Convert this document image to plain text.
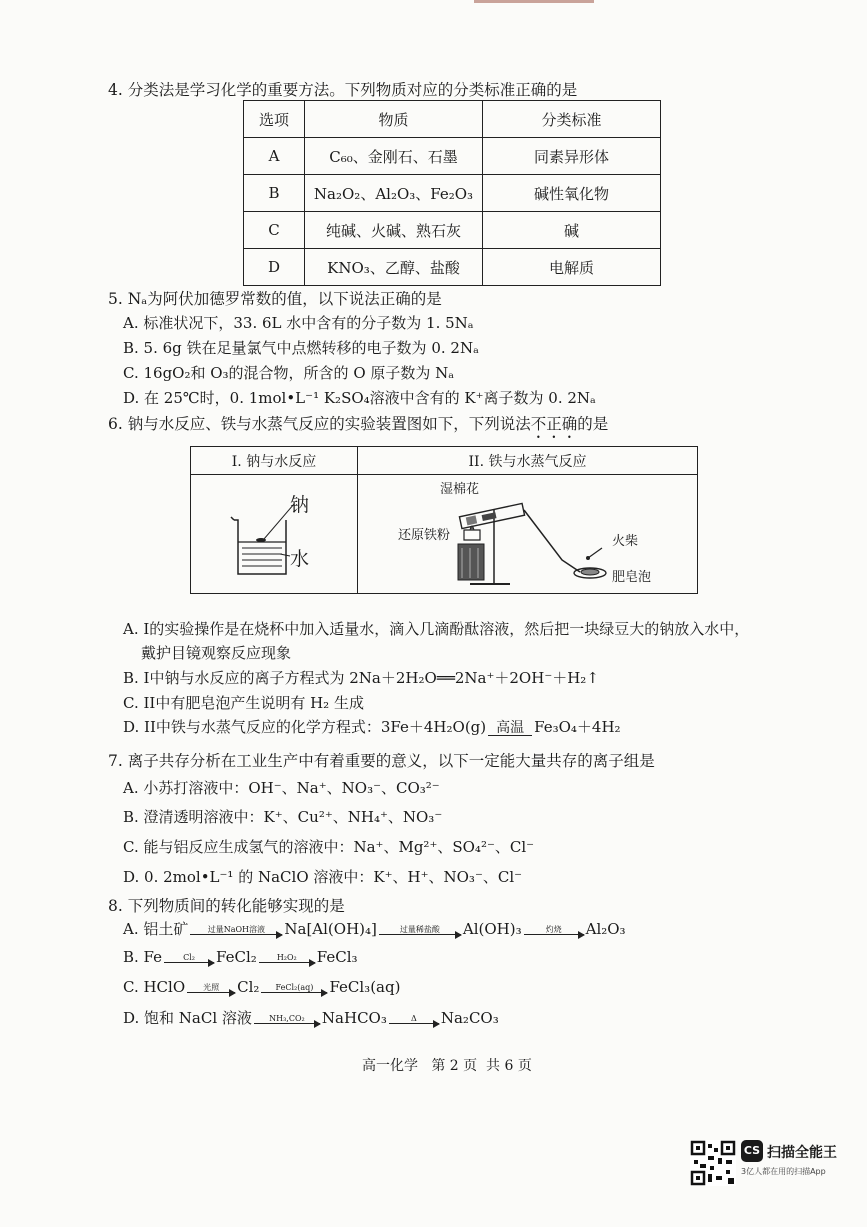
4. 分类法是学习化学的重要方法。下列物质对应的分类标准正确的是
选项	物质	分类标准
A	C₆₀、金刚石、石墨	同素异形体
B	Na₂O₂、Al₂O₃、Fe₂O₃	碱性氧化物
C	纯碱、火碱、熟石灰	碱
D	KNO₃、乙醇、盐酸	电解质
5. Nₐ为阿伏加德罗常数的值，以下说法正确的是
A. 标准状况下，33. 6L 水中含有的分子数为 1. 5Nₐ
B. 5. 6g 铁在足量氯气中点燃转移的电子数为 0. 2Nₐ
C. 16gO₂和 O₃的混合物，所含的 O 原子数为 Nₐ
D. 在 25℃时，0. 1mol•L⁻¹ K₂SO₄溶液中含有的 K⁺离子数为 0. 2Nₐ
6. 钠与水反应、铁与水蒸气反应的实验装置图如下，下列说法不正确的是
I. 钠与水反应	II. 铁与水蒸气反应

钠
水
湿棉花
还原铁粉	火柴
肥皂泡
A. I的实验操作是在烧杯中加入适量水，滴入几滴酚酞溶液，然后把一块绿豆大的钠放入水中，
戴护目镜观察反应现象
B. I中钠与水反应的离子方程式为 2Na＋2H₂O══2Na⁺＋2OH⁻＋H₂↑
C. II中有肥皂泡产生说明有 H₂ 生成
D. II中铁与水蒸气反应的化学方程式：3Fe＋4H₂O(g) 高温 Fe₃O₄＋4H₂
7. 离子共存分析在工业生产中有着重要的意义，以下一定能大量共存的离子组是
A. 小苏打溶液中：OH⁻、Na⁺、NO₃⁻、CO₃²⁻
B. 澄清透明溶液中：K⁺、Cu²⁺、NH₄⁺、NO₃⁻
C. 能与铝反应生成氢气的溶液中：Na⁺、Mg²⁺、SO₄²⁻、Cl⁻
D. 0. 2mol•L⁻¹ 的 NaClO 溶液中：K⁺、H⁺、NO₃⁻、Cl⁻
8. 下列物质间的转化能够实现的是
A. 铝土矿	过量NaOH溶液	Na[Al(OH)₄]	过量稀盐酸	Al(OH)₃	灼烧	Al₂O₃
B. Fe	Cl₂	FeCl₂	H₂O₂	FeCl₃
C. HClO	光照	Cl₂	FeCl₂(aq)	FeCl₃(aq)
D. 饱和 NaCl 溶液	NH₃,CO₂	NaHCO₃	Δ	Na₂CO₃
高一化学   第 2 页  共 6 页
CS 扫描全能王
3亿人都在用的扫描App
